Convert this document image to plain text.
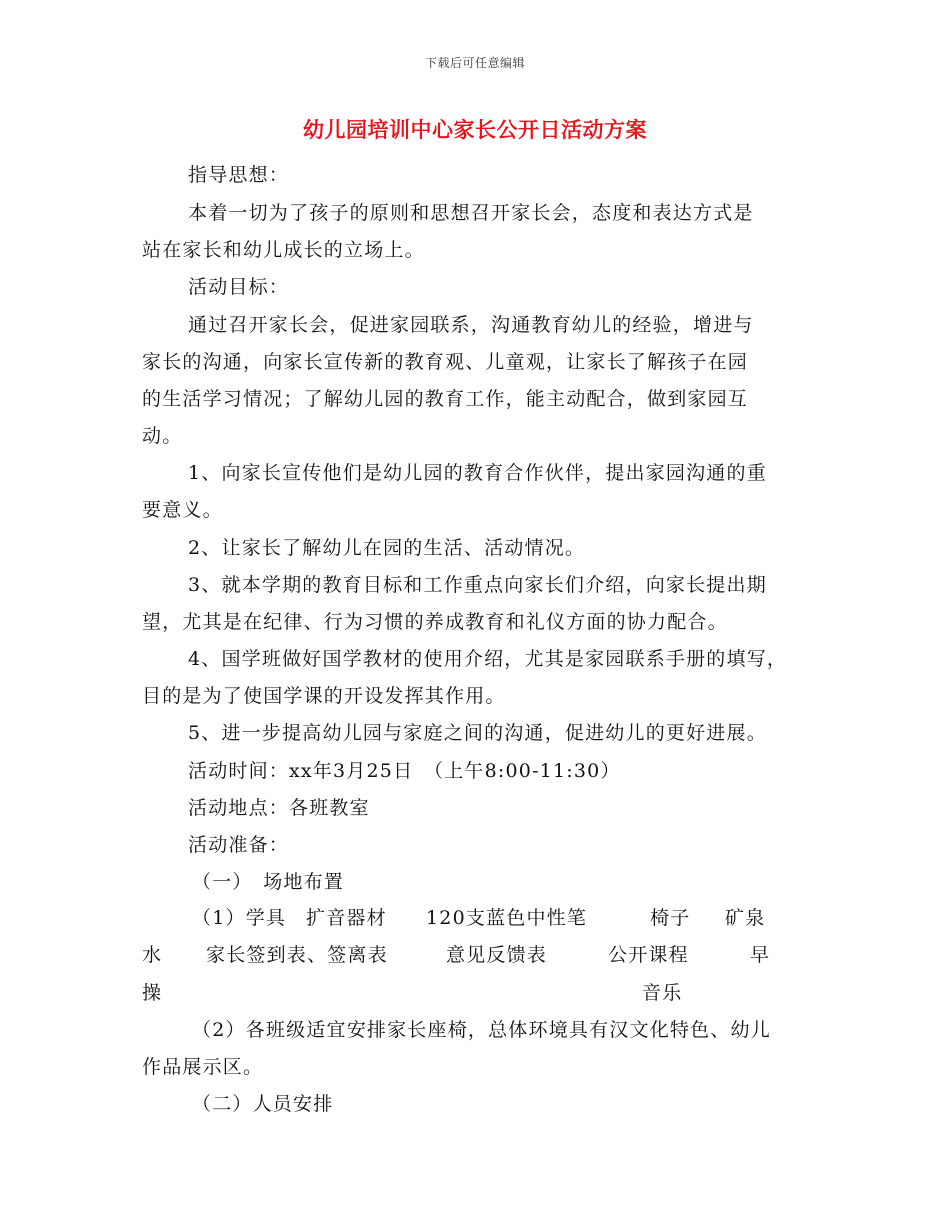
下载后可任意编辑
幼儿园培训中心家长公开日活动方案
指导思想：
本着一切为了孩子的原则和思想召开家长会，态度和表达方式是
站在家长和幼儿成长的立场上。
活动目标：
通过召开家长会，促进家园联系，沟通教育幼儿的经验，增进与
家长的沟通，向家长宣传新的教育观、儿童观，让家长了解孩子在园
的生活学习情况；了解幼儿园的教育工作，能主动配合，做到家园互
动。
1、向家长宣传他们是幼儿园的教育合作伙伴，提出家园沟通的重
要意义。
2、让家长了解幼儿在园的生活、活动情况。
3、就本学期的教育目标和工作重点向家长们介绍，向家长提出期
望，尤其是在纪律、行为习惯的养成教育和礼仪方面的协力配合。
4、国学班做好国学教材的使用介绍，尤其是家园联系手册的填写，
目的是为了使国学课的开设发挥其作用。
5、进一步提高幼儿园与家庭之间的沟通，促进幼儿的更好进展。
活动时间：xx年3月25日　（上午8:00-11:30）
活动地点：各班教室
活动准备：
（一）　场地布置
（1）学具 扩音器材 120支蓝色中性笔	椅子 矿泉
水 家长签到表、签离表	意见反馈表	公开课程	早
操	音乐
（2）各班级适宜安排家长座椅，总体环境具有汉文化特色、幼儿
作品展示区。
（二）人员安排
